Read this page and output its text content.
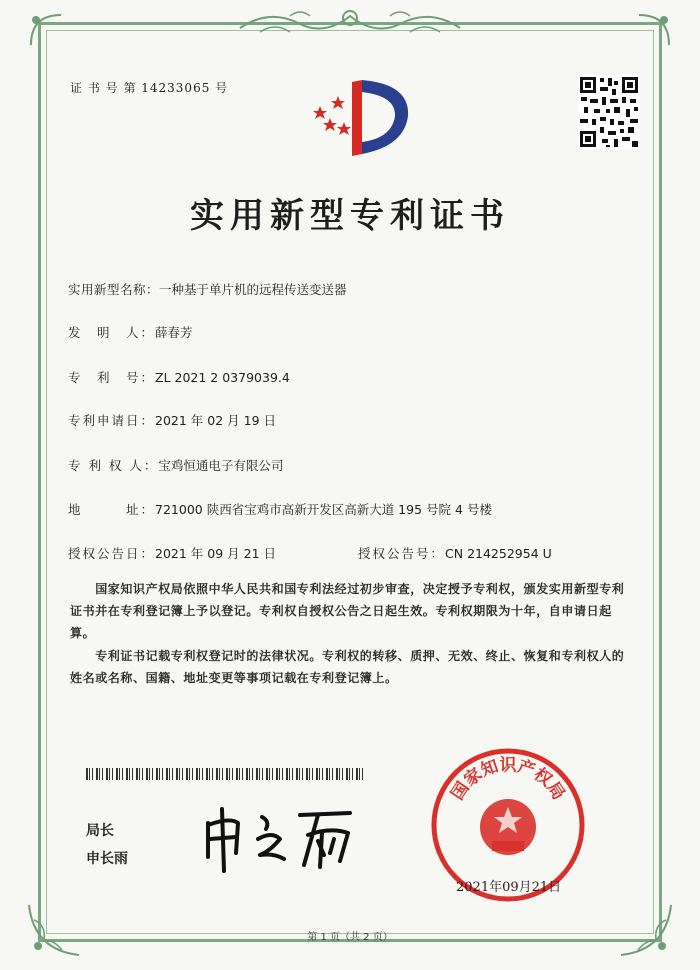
证 书 号 第 14233065 号
实用新型专利证书
实用新型名称：一种基于单片机的远程传送变送器
发　明　人：薛春芳
专　利　号：ZL 2021 2 0379039.4
专利申请日：2021 年 02 月 19 日
专 利 权 人：宝鸡恒通电子有限公司
地　　　址：721000 陕西省宝鸡市高新开发区高新大道 195 号院 4 号楼
授权公告日：2021 年 09 月 21 日	授权公告号：CN 214252954 U
　　国家知识产权局依照中华人民共和国专利法经过初步审查，决定授予专利权，颁发实用新型专利证书并在专利登记簿上予以登记。专利权自授权公告之日起生效。专利权期限为十年，自申请日起算。
　　专利证书记载专利权登记时的法律状况。专利权的转移、质押、无效、终止、恢复和专利权人的姓名或名称、国籍、地址变更等事项记载在专利登记簿上。
局长
申长雨
国家知识产权局
2021年09月21日
第 1 页（共 2 页）
